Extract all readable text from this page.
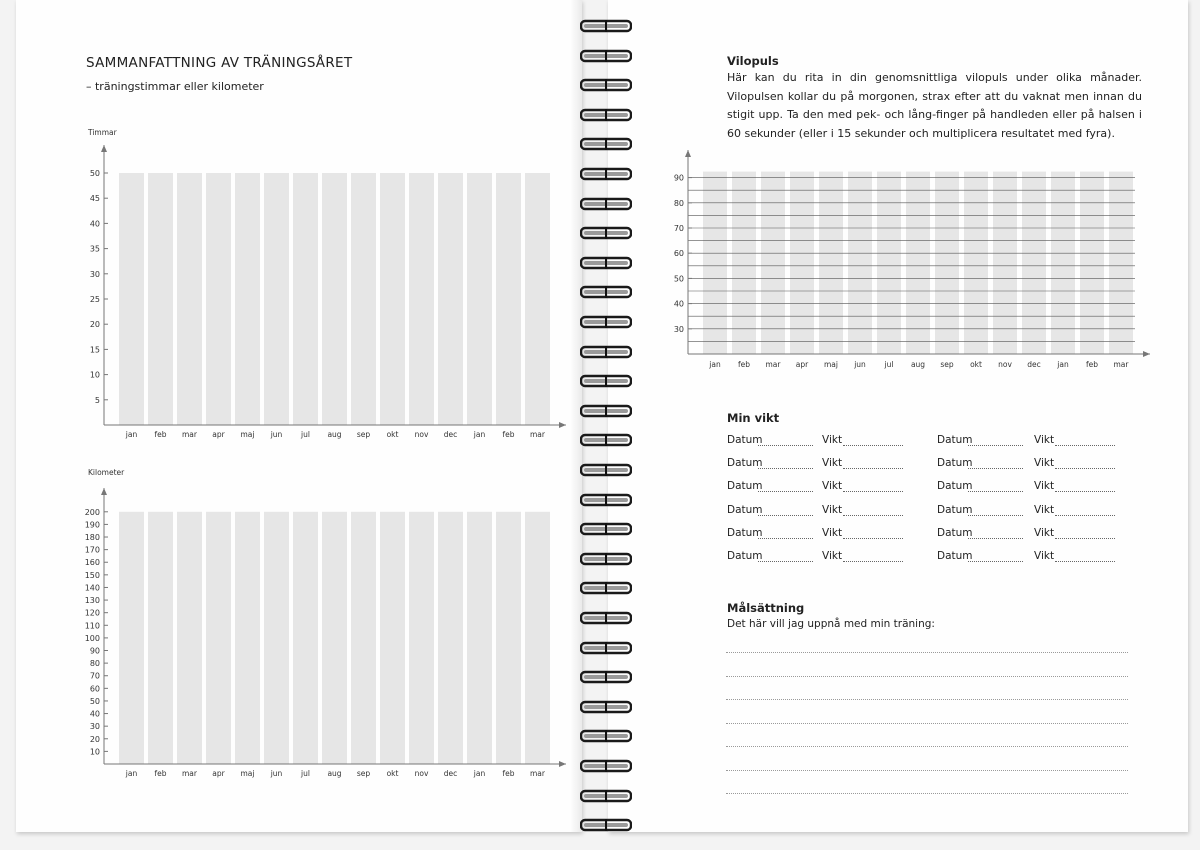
SAMMANFATTNING AV TRÄNINGSÅRET
– träningstimmar eller kilometer
5
10
15
20
25
30
35
40
45
50
jan feb mar apr maj jun jul aug sep okt nov dec jan feb mar
Timmar
10
20
30
40
50
60
70
80
90
100
110
120
130
140
150
160
170
180
190
200
jan feb mar apr maj jun jul aug sep okt nov dec jan feb mar
Kilometer
30
40
50
60
70
80
90
jan feb mar apr maj jun jul aug sep okt nov dec jan feb mar
Vilopuls
Här kan du rita in din genomsnittliga vilopuls under olika månader. Vilopulsen kollar du på morgonen, strax efter att du vaknat men innan du stigit upp. Ta den med pek- och lång-finger på handleden eller på halsen i 60 sekunder (eller i 15 sekunder och multiplicera resultatet med fyra).
Min vikt
Datum	Vikt	Datum	Vikt
Datum	Vikt	Datum	Vikt
Datum	Vikt	Datum	Vikt
Datum	Vikt	Datum	Vikt
Datum	Vikt	Datum	Vikt
Datum	Vikt	Datum	Vikt
Målsättning
Det här vill jag uppnå med min träning:
